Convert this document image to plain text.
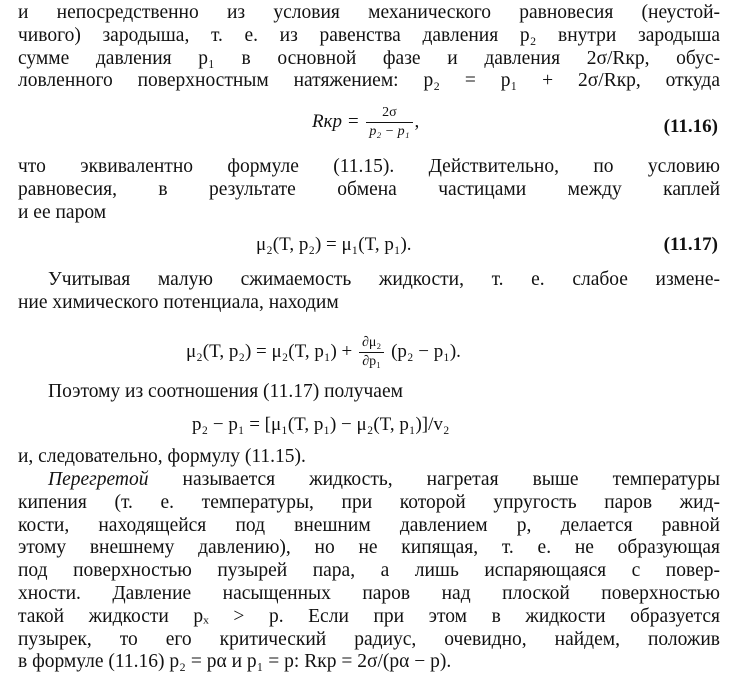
и непосредственно из условия механического равновесия (неустой-
чивого) зародыша, т. е. из равенства давления p₂ внутри зародыша
сумме давления p₁ в основной фазе и давления 2σ/Rкр, обус-
ловленного поверхностным натяжением: p₂ = p₁ + 2σ/Rкр, откуда

Rкр = $\frac{2\sigma}{\text{p₂ − p₁}}$ ,	(11.16)

что эквивалентно формуле (11.15). Действительно, по условию
равновесия, в результате обмена частицами между каплей
и ее паром

μ₂(T, p₂) = μ₁(T, p₁).	(11.17)

Учитывая малую сжимаемость жидкости, т. е. слабое измене-
ние химического потенциала, находим

μ₂(T, p₂) = μ₂(T, $p_1) + \frac{\text{∂μ₂}}{\text{∂p₁}} (p_2 - p_1)$.

Поэтому из соотношения (11.17) получаем

p₂ − p₁ = [μ₁(T, p₁) − μ₂(T, p₁)]/v₂

и, следовательно, формулу (11.15).

Перегретой называется жидкость, нагретая выше температуры
кипения (т. е. температуры, при которой упругость паров жид-
кости, находящейся под внешним давлением p, делается равной
этому внешнему давлению), но не кипящая, т. е. не образующая
под поверхностью пузырей пара, а лишь испаряющаяся с повер-
хности. Давление насыщенных паров над плоской поверхностью
такой жидкости pₓ > p. Если при этом в жидкости образуется
пузырек, то его критический радиус, очевидно, найдем, положив
в формуле (11.16) p₂ = pα и p₁ = p: Rкр = 2σ/(pα − p).
